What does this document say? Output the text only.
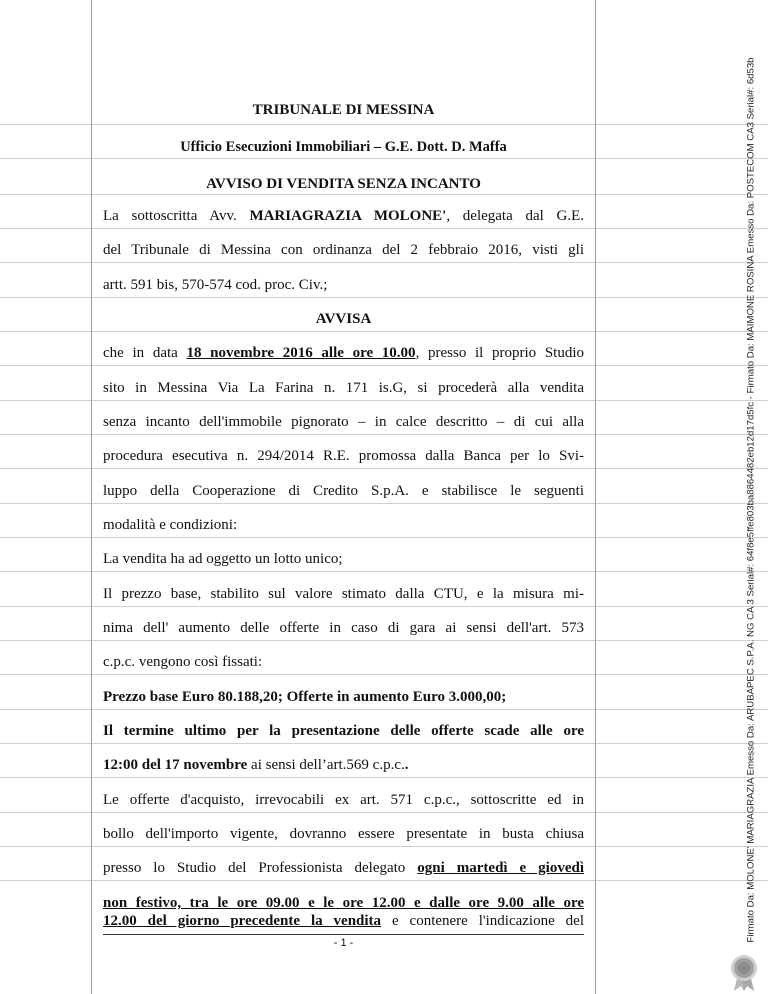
TRIBUNALE DI MESSINA
Ufficio Esecuzioni Immobiliari – G.E. Dott. D. Maffa
AVVISO DI VENDITA SENZA INCANTO
La sottoscritta Avv. MARIAGRAZIA MOLONE', delegata dal G.E.
del Tribunale di Messina con ordinanza del 2 febbraio 2016, visti gli
artt. 591 bis, 570-574 cod. proc. Civ.;
AVVISA
che in data 18 novembre 2016 alle ore 10.00, presso il proprio Studio
sito in Messina Via La Farina n. 171 is.G, si procederà alla vendita
senza incanto dell'immobile pignorato – in calce descritto – di cui alla
procedura esecutiva n. 294/2014 R.E. promossa dalla Banca per lo Svi-
luppo della Cooperazione di Credito S.p.A. e stabilisce le seguenti
modalità e condizioni:
La vendita ha ad oggetto un lotto unico;
Il prezzo base, stabilito sul valore stimato dalla CTU, e la misura mi-
nima dell' aumento delle offerte in caso di gara ai sensi dell'art. 573
c.p.c. vengono così fissati:
Prezzo base Euro 80.188,20; Offerte in aumento Euro 3.000,00;
Il termine ultimo per la presentazione delle offerte scade alle ore
12:00 del 17 novembre ai sensi dell’art.569 c.p.c..
Le offerte d'acquisto, irrevocabili ex art. 571 c.p.c., sottoscritte ed in
bollo dell'importo vigente, dovranno essere presentate in busta chiusa
presso lo Studio del Professionista delegato ogni martedì e giovedì
non festivo, tra le ore 09.00 e le ore 12.00 e dalle ore 9.00 alle ore
12.00 del giorno precedente la vendita e contenere l'indicazione del
- 1 -
Firmato Da: MOLONE' MARIAGRAZIA Emesso Da: ARUBAPEC S.P.A. NG CA 3 Serial#: 64f8e5ffe803ba8864482eb12d17d5fc - Firmato Da: MAIMONE ROSINA Emesso Da: POSTECOM CA3 Serial#: 6d53b
